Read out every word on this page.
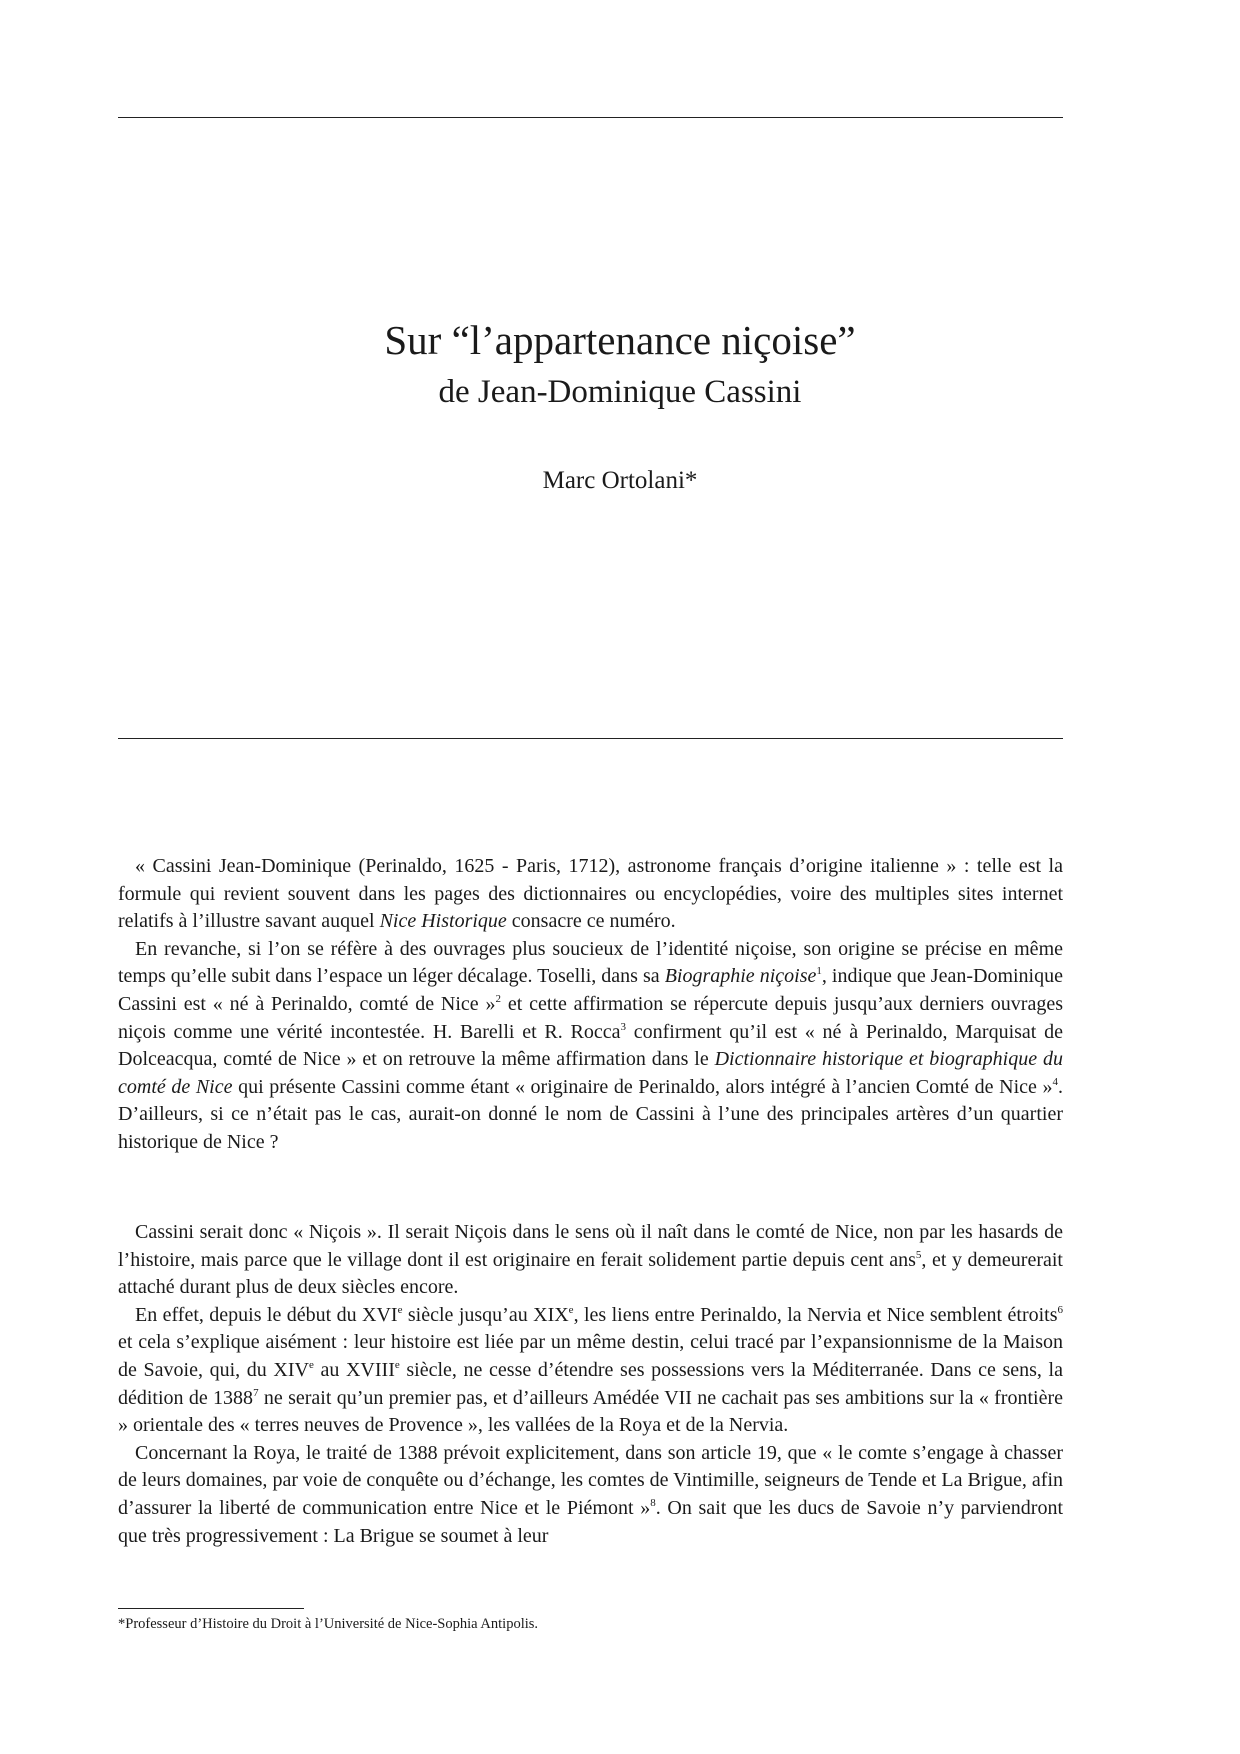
Sur “l’appartenance niçoise”
de Jean-Dominique Cassini
Marc Ortolani*

« Cassini Jean-Dominique (Perinaldo, 1625 - Paris, 1712), astronome français d’origine italienne » : telle est la formule qui revient souvent dans les pages des dictionnaires ou encyclopédies, voire des multiples sites internet relatifs à l’illustre savant auquel Nice Historique consacre ce numéro.

En revanche, si l’on se réfère à des ouvrages plus soucieux de l’identité niçoise, son origine se précise en même temps qu’elle subit dans l’espace un léger décalage. Toselli, dans sa Biographie niçoise$^1$, indique que Jean-Dominique Cassini est « né à Perinaldo, comté de Nice »$^2$ et cette affirmation se répercute depuis jusqu’aux derniers ouvrages niçois comme une vérité incontestée. H. Barelli et R. Rocca$^3$ confirment qu’il est « né à Perinaldo, Marquisat de Dolceacqua, comté de Nice » et on retrouve la même affirmation dans le Dictionnaire historique et biographique du comté de Nice qui présente Cassini comme étant « originaire de Perinaldo, alors intégré à l’ancien Comté de Nice »$^4$. D’ailleurs, si ce n’était pas le cas, aurait-on donné le nom de Cassini à l’une des principales artères d’un quartier historique de Nice ?

Cassini serait donc « Niçois ». Il serait Niçois dans le sens où il naît dans le comté de Nice, non par les hasards de l’histoire, mais parce que le village dont il est originaire en ferait solidement partie depuis cent ans$^5$, et y demeurerait attaché durant plus de deux siècles encore.

En effet, depuis le début du XVIe siècle jusqu’au XIXe, les liens entre Perinaldo, la Nervia et Nice semblent étroits$^6$ et cela s’explique aisément : leur histoire est liée par un même destin, celui tracé par l’expansionnisme de la Maison de Savoie, qui, du XIVe au XVIIIe siècle, ne cesse d’étendre ses possessions vers la Méditerranée. Dans ce sens, la dédition de 1388$^7$ ne serait qu’un premier pas, et d’ailleurs Amédée VII ne cachait pas ses ambitions sur la « frontière » orientale des « terres neuves de Provence », les vallées de la Roya et de la Nervia.

Concernant la Roya, le traité de 1388 prévoit explicitement, dans son article 19, que « le comte s’engage à chasser de leurs domaines, par voie de conquête ou d’échange, les comtes de Vintimille, seigneurs de Tende et La Brigue, afin d’assurer la liberté de communication entre Nice et le Piémont »$^8$. On sait que les ducs de Savoie n’y parviendront que très progressivement : La Brigue se soumet à leur

*Professeur d’Histoire du Droit à l’Université de Nice-Sophia Antipolis.
